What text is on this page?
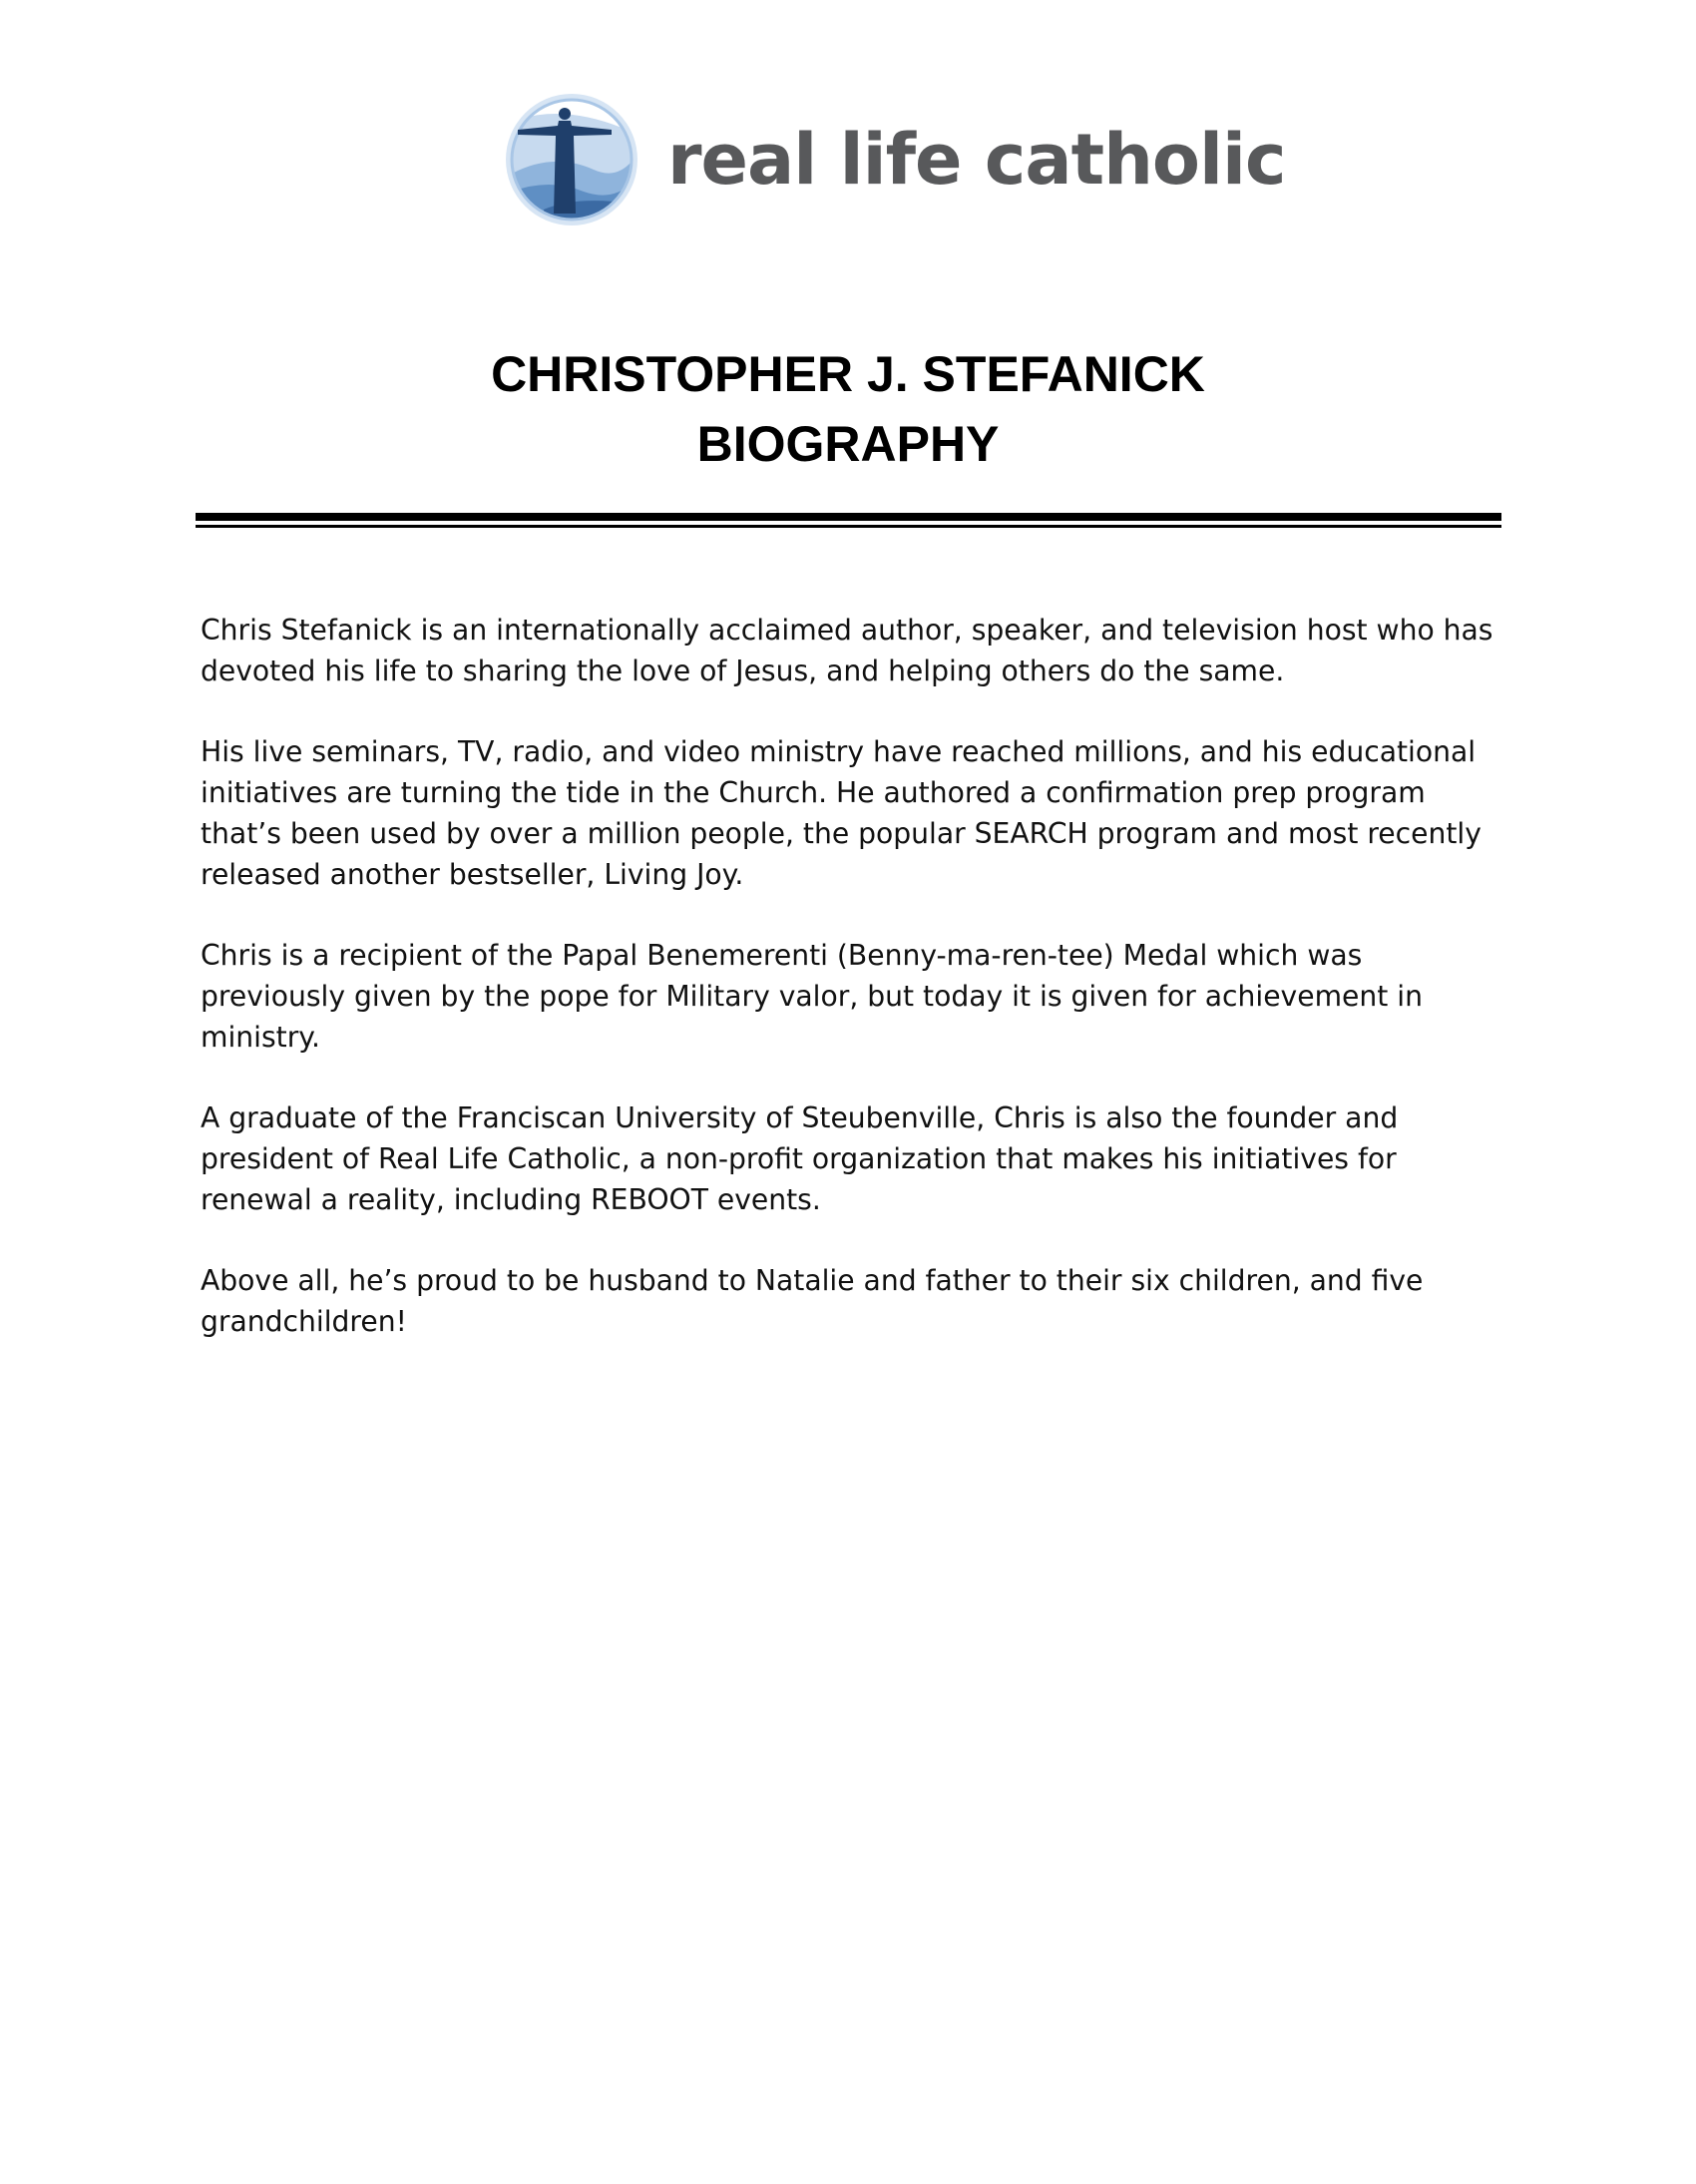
real life catholic
CHRISTOPHER J. STEFANICK
BIOGRAPHY

Chris Stefanick is an internationally acclaimed author, speaker, and television host who has devoted his life to sharing the love of Jesus, and helping others do the same.

His live seminars, TV, radio, and video ministry have reached millions, and his educational initiatives are turning the tide in the Church. He authored a confirmation prep program that’s been used by over a million people, the popular SEARCH program and most recently released another bestseller, Living Joy.

Chris is a recipient of the Papal Benemerenti (Benny-ma-ren-tee) Medal which was previously given by the pope for Military valor, but today it is given for achievement in ministry.

A graduate of the Franciscan University of Steubenville, Chris is also the founder and president of Real Life Catholic, a non-profit organization that makes his initiatives for renewal a reality, including REBOOT events.

Above all, he’s proud to be husband to Natalie and father to their six children, and five grandchildren!
